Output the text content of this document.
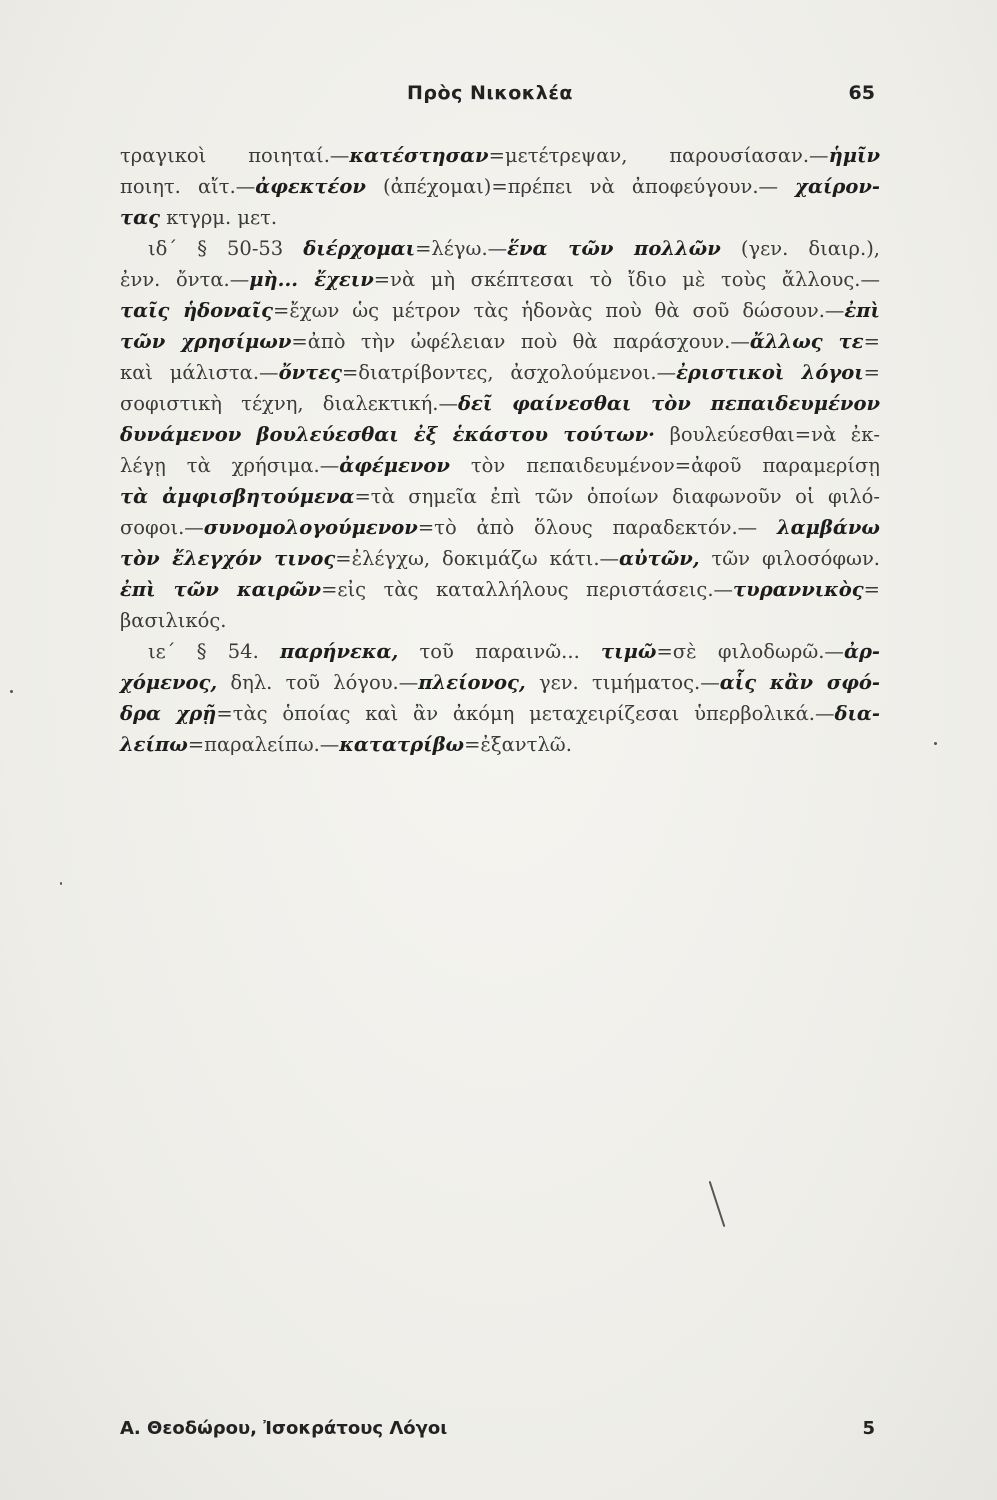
Πρὸς Νικοκλέα	65
τραγικοὶ ποιηταί.—κατέστησαν=μετέτρεψαν, παρουσίασαν.—ἡμῖν
ποιητ. αἴτ.—ἀφεκτέον (ἀπέχομαι)=πρέπει νὰ ἀποφεύγουν.— χαίρον-
τας κτγρμ. μετ.
ιδ´ § 50-53 διέρχομαι=λέγω.—ἕνα τῶν πολλῶν (γεν. διαιρ.),
ἐνν. ὄντα.—μὴ... ἔχειν=νὰ μὴ σκέπτεσαι τὸ ἴδιο μὲ τοὺς ἄλλους.—
ταῖς ἡδοναῖς=ἔχων ὡς μέτρον τὰς ἡδονὰς ποὺ θὰ σοῦ δώσουν.—ἐπὶ
τῶν χρησίμων=ἀπὸ τὴν ὠφέλειαν ποὺ θὰ παράσχουν.—ἄλλως τε=
καὶ μάλιστα.—ὄντες=διατρίβοντες, ἀσχολούμενοι.—ἐριστικοὶ λόγοι=
σοφιστικὴ τέχνη, διαλεκτική.—δεῖ φαίνεσθαι τὸν πεπαιδευμένον
δυνάμενον βουλεύεσθαι ἐξ ἑκάστου τούτων· βουλεύεσθαι=νὰ ἐκ-
λέγῃ τὰ χρήσιμα.—ἀφέμενον τὸν πεπαιδευμένον=ἀφοῦ παραμερίσῃ
τὰ ἀμφισβητούμενα=τὰ σημεῖα ἐπὶ τῶν ὁποίων διαφωνοῦν οἱ φιλό-
σοφοι.—συνομολογούμενον=τὸ ἀπὸ ὅλους παραδεκτόν.— λαμβάνω
τὸν ἔλεγχόν τινος=ἐλέγχω, δοκιμάζω κάτι.—αὐτῶν, τῶν φιλοσόφων.
ἐπὶ τῶν καιρῶν=εἰς τὰς καταλλήλους περιστάσεις.—τυραννικὸς=
βασιλικός.
ιε´ § 54. παρήνεκα, τοῦ παραινῶ... τιμῶ=σὲ φιλοδωρῶ.—ἀρ-
χόμενος, δηλ. τοῦ λόγου.—πλείονος, γεν. τιμήματος.—αἷς κἂν σφό-
δρα χρῇ=τὰς ὁποίας καὶ ἂν ἀκόμη μεταχειρίζεσαι ὑπερβολικά.—δια-
λείπω=παραλείπω.—κατατρίβω=ἐξαντλῶ.
Α. Θεοδώρου, Ἰσοκράτους Λόγοι	5
